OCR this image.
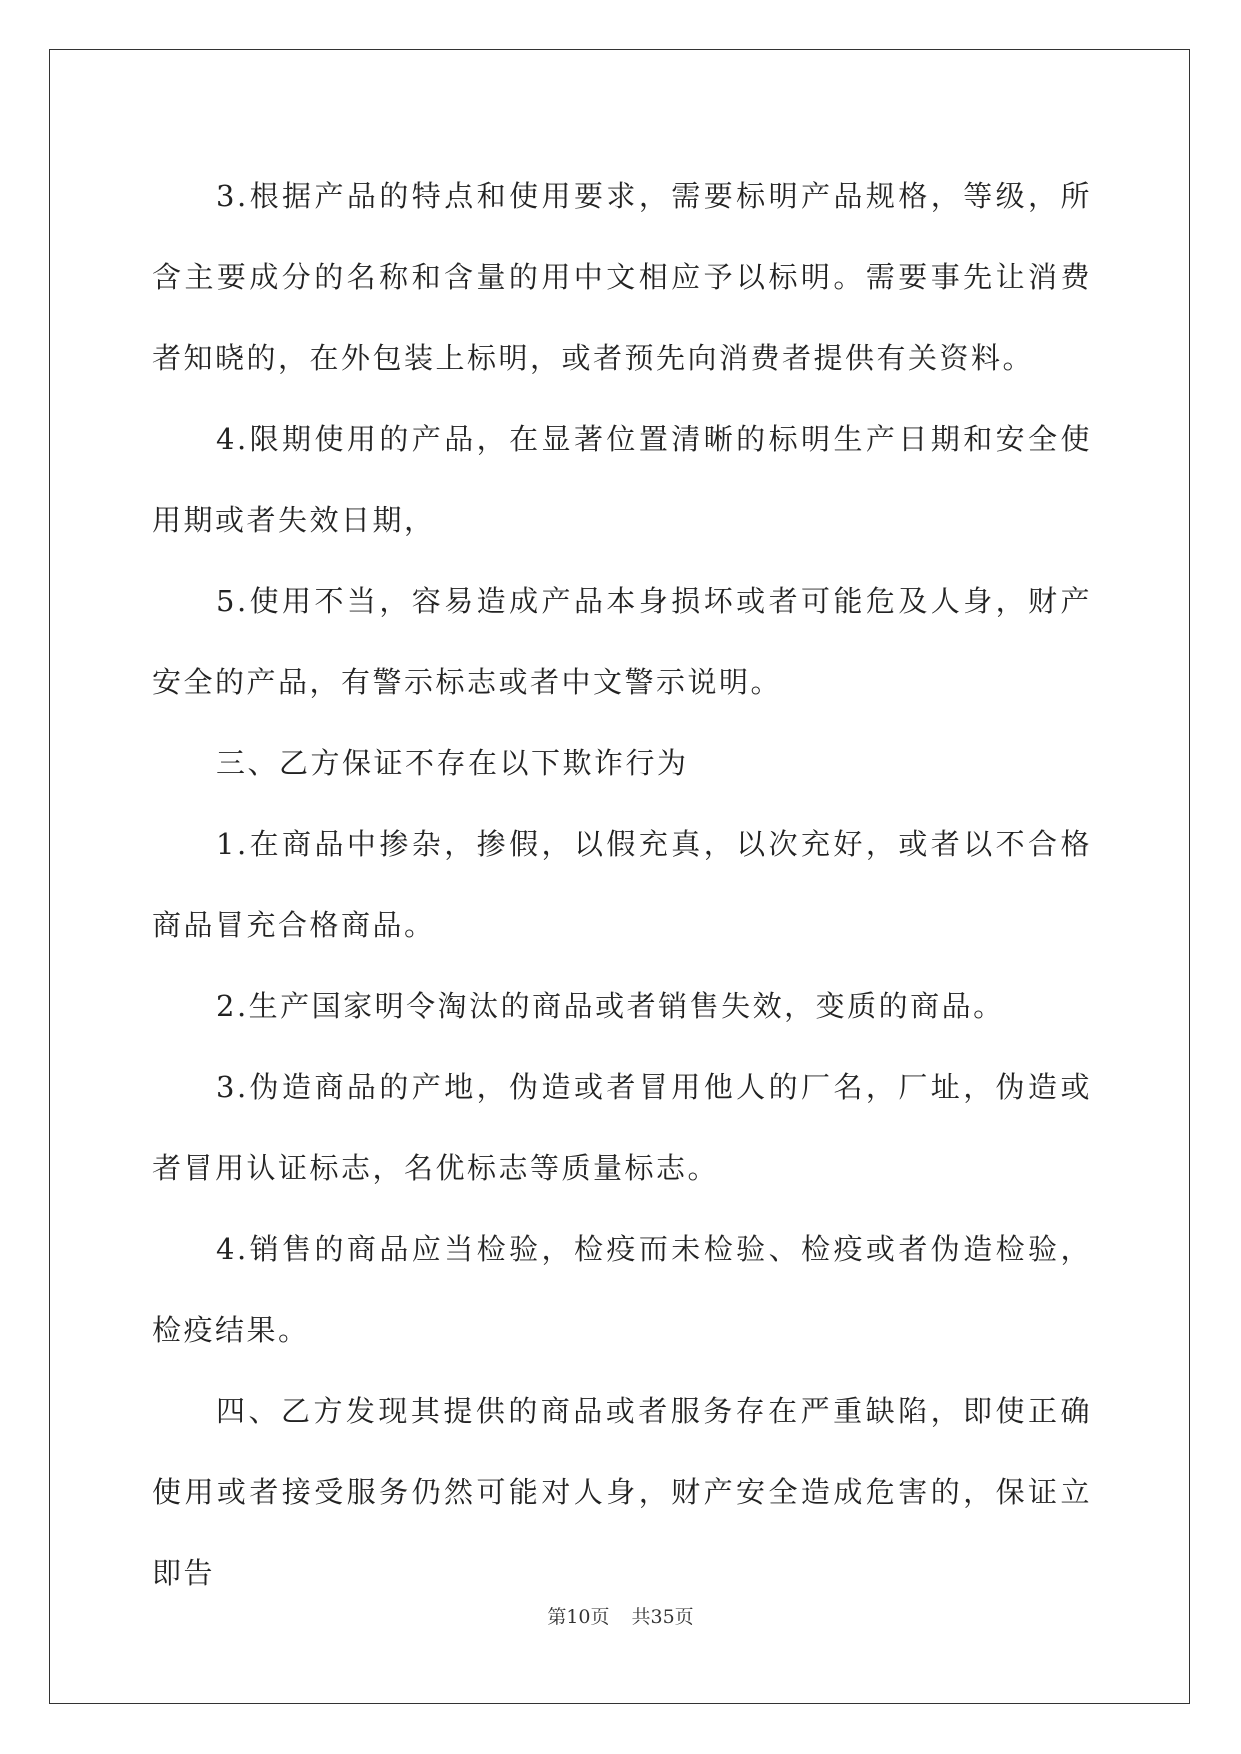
3.根据产品的特点和使用要求，需要标明产品规格，等级，所含主要成分的名称和含量的用中文相应予以标明。需要事先让消费者知晓的，在外包装上标明，或者预先向消费者提供有关资料。

4.限期使用的产品，在显著位置清晰的标明生产日期和安全使用期或者失效日期，

5.使用不当，容易造成产品本身损坏或者可能危及人身，财产安全的产品，有警示标志或者中文警示说明。

三、乙方保证不存在以下欺诈行为

1.在商品中掺杂，掺假，以假充真，以次充好，或者以不合格商品冒充合格商品。

2.生产国家明令淘汰的商品或者销售失效，变质的商品。

3.伪造商品的产地，伪造或者冒用他人的厂名，厂址，伪造或者冒用认证标志，名优标志等质量标志。

4.销售的商品应当检验，检疫而未检验、检疫或者伪造检验，检疫结果。

四、乙方发现其提供的商品或者服务存在严重缺陷，即使正确使用或者接受服务仍然可能对人身，财产安全造成危害的，保证立即告

第10页 共35页
